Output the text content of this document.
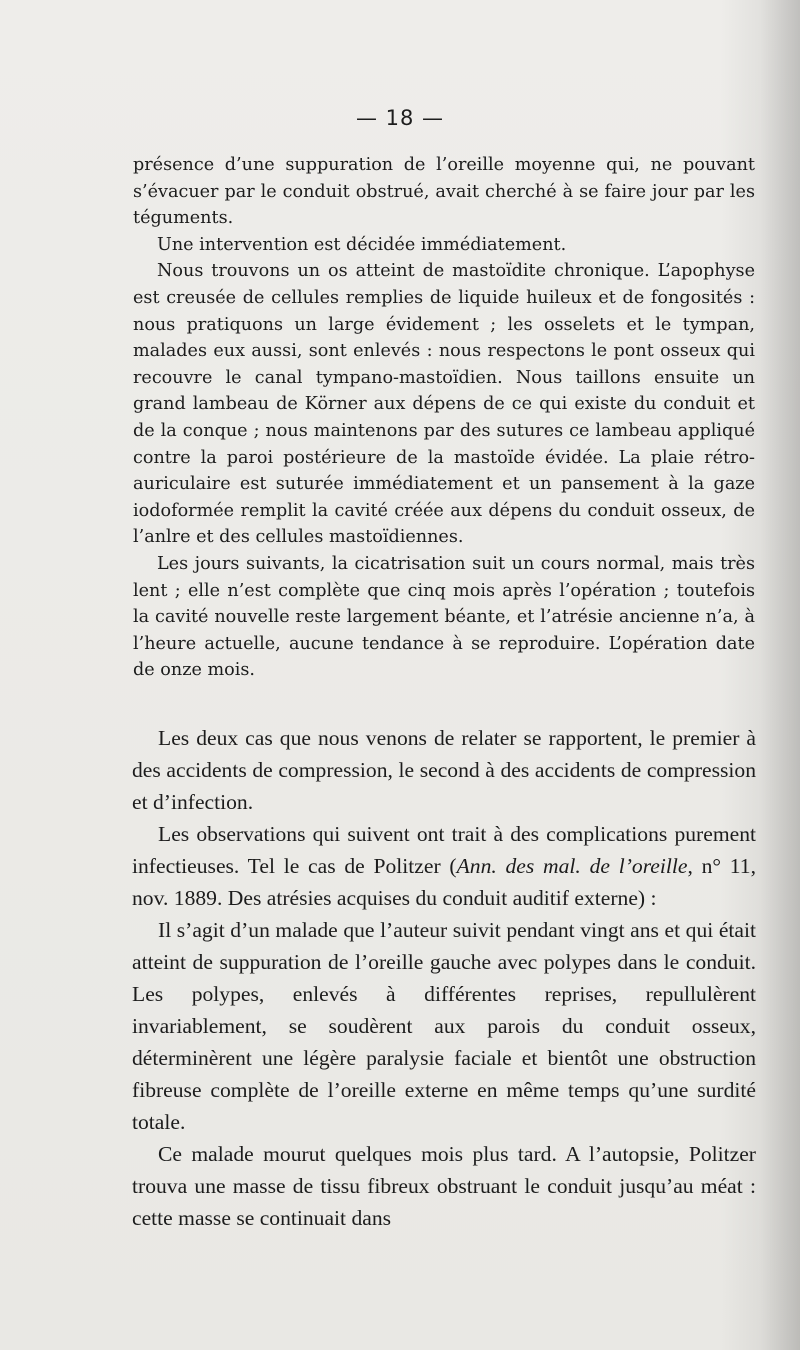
— 18 —

présence d’une suppuration de l’oreille moyenne qui, ne pouvant s’évacuer par le conduit obstrué, avait cherché à se faire jour par les téguments.

Une intervention est décidée immédiatement.

Nous trouvons un os atteint de mastoïdite chronique. L’apophyse est creusée de cellules remplies de liquide huileux et de fongosités : nous pratiquons un large évidement ; les osselets et le tympan, malades eux aussi, sont enlevés : nous respectons le pont osseux qui recouvre le canal tympano-mastoïdien. Nous taillons ensuite un grand lambeau de Körner aux dépens de ce qui existe du conduit et de la conque ; nous maintenons par des sutures ce lambeau appliqué contre la paroi postérieure de la mastoïde évidée. La plaie rétro-auriculaire est suturée immédiatement et un pansement à la gaze iodoformée remplit la cavité créée aux dépens du conduit osseux, de l’anlre et des cellules mastoïdiennes.

Les jours suivants, la cicatrisation suit un cours normal, mais très lent ; elle n’est complète que cinq mois après l’opération ; toutefois la cavité nouvelle reste largement béante, et l’atrésie ancienne n’a, à l’heure actuelle, aucune tendance à se reproduire. L’opération date de onze mois.

Les deux cas que nous venons de relater se rapportent, le premier à des accidents de compression, le second à des accidents de compression et d’infection.

Les observations qui suivent ont trait à des complications purement infectieuses. Tel le cas de Politzer (Ann. des mal. de l’oreille, n° 11, nov. 1889. Des atrésies acquises du conduit auditif externe) :

Il s’agit d’un malade que l’auteur suivit pendant vingt ans et qui était atteint de suppuration de l’oreille gauche avec polypes dans le conduit. Les polypes, enlevés à différentes reprises, repullulèrent invariablement, se soudèrent aux parois du conduit osseux, déterminèrent une légère paralysie faciale et bientôt une obstruction fibreuse complète de l’oreille externe en même temps qu’une surdité totale.

Ce malade mourut quelques mois plus tard. A l’autopsie, Politzer trouva une masse de tissu fibreux obstruant le conduit jusqu’au méat : cette masse se continuait dans
